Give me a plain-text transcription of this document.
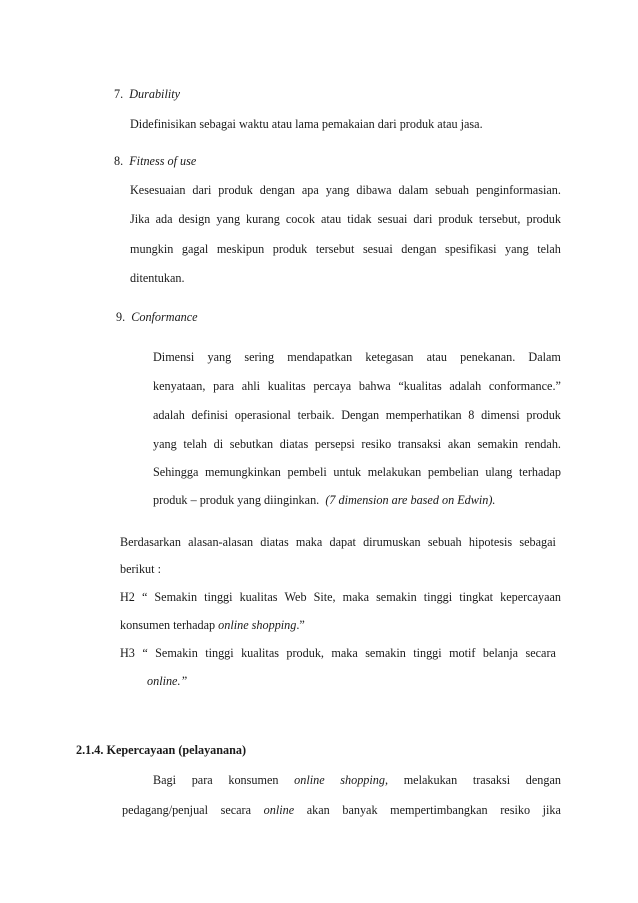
7. Durability
Didefinisikan sebagai waktu atau lama pemakaian dari produk atau jasa.
8. Fitness of use
Kesesuaian dari produk dengan apa yang dibawa dalam sebuah penginformasian.
Jika ada design yang kurang cocok atau tidak sesuai dari produk tersebut, produk
mungkin gagal meskipun produk tersebut sesuai dengan spesifikasi yang telah
ditentukan.
9. Conformance
Dimensi yang sering mendapatkan ketegasan atau penekanan. Dalam
kenyataan, para ahli kualitas percaya bahwa “kualitas adalah conformance.”
adalah definisi operasional terbaik. Dengan memperhatikan 8 dimensi produk
yang telah di sebutkan diatas persepsi resiko transaksi akan semakin rendah.
Sehingga memungkinkan pembeli untuk melakukan pembelian ulang terhadap
produk – produk yang diinginkan. (7 dimension are based on Edwin).
Berdasarkan alasan-alasan diatas maka dapat dirumuskan sebuah hipotesis sebagai
berikut :
H2 “ Semakin tinggi kualitas Web Site, maka semakin tinggi tingkat kepercayaan
konsumen terhadap online shopping.”
H3 “ Semakin tinggi kualitas produk, maka semakin tinggi motif belanja secara
online.”
2.1.4. Kepercayaan (pelayanana)
Bagi para konsumen online shopping, melakukan trasaksi dengan
pedagang/penjual secara online akan banyak mempertimbangkan resiko jika
